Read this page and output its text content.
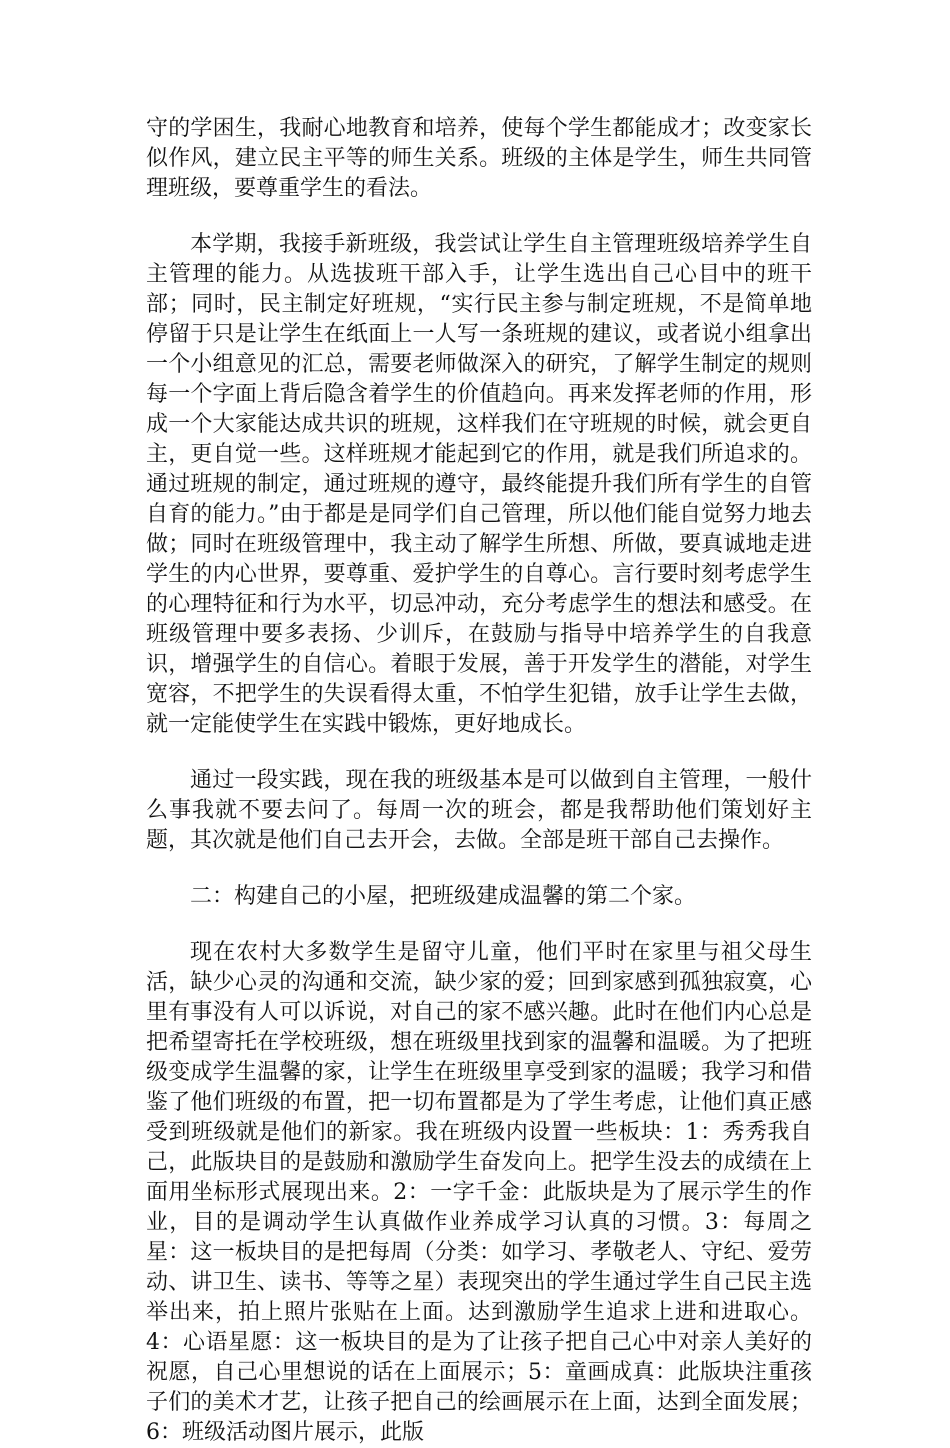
守的学困生，我耐心地教育和培养，使每个学生都能成才；改变家长似作风，建立民主平等的师生关系。班级的主体是学生，师生共同管理班级，要尊重学生的看法。

本学期，我接手新班级，我尝试让学生自主管理班级培养学生自主管理的能力。从选拔班干部入手，让学生选出自己心目中的班干部；同时，民主制定好班规，“实行民主参与制定班规，不是简单地停留于只是让学生在纸面上一人写一条班规的建议，或者说小组拿出一个小组意见的汇总，需要老师做深入的研究，了解学生制定的规则每一个字面上背后隐含着学生的价值趋向。再来发挥老师的作用，形成一个大家能达成共识的班规，这样我们在守班规的时候，就会更自主，更自觉一些。这样班规才能起到它的作用，就是我们所追求的。通过班规的制定，通过班规的遵守，最终能提升我们所有学生的自管自育的能力。”由于都是是同学们自己管理，所以他们能自觉努力地去做；同时在班级管理中，我主动了解学生所想、所做，要真诚地走进学生的内心世界，要尊重、爱护学生的自尊心。言行要时刻考虑学生的心理特征和行为水平，切忌冲动，充分考虑学生的想法和感受。在班级管理中要多表扬、少训斥，在鼓励与指导中培养学生的自我意识，增强学生的自信心。着眼于发展，善于开发学生的潜能，对学生宽容，不把学生的失误看得太重，不怕学生犯错，放手让学生去做，就一定能使学生在实践中锻炼，更好地成长。

通过一段实践，现在我的班级基本是可以做到自主管理，一般什么事我就不要去问了。每周一次的班会，都是我帮助他们策划好主题，其次就是他们自己去开会，去做。全部是班干部自己去操作。

二：构建自己的小屋，把班级建成温馨的第二个家。

现在农村大多数学生是留守儿童，他们平时在家里与祖父母生活，缺少心灵的沟通和交流，缺少家的爱；回到家感到孤独寂寞，心里有事没有人可以诉说，对自己的家不感兴趣。此时在他们内心总是把希望寄托在学校班级，想在班级里找到家的温馨和温暖。为了把班级变成学生温馨的家，让学生在班级里享受到家的温暖；我学习和借鉴了他们班级的布置，把一切布置都是为了学生考虑，让他们真正感受到班级就是他们的新家。我在班级内设置一些板块：1：秀秀我自己，此版块目的是鼓励和激励学生奋发向上。把学生没去的成绩在上面用坐标形式展现出来。2：一字千金：此版块是为了展示学生的作业，目的是调动学生认真做作业养成学习认真的习惯。3：每周之星：这一板块目的是把每周（分类：如学习、孝敬老人、守纪、爱劳动、讲卫生、读书、等等之星）表现突出的学生通过学生自己民主选举出来，拍上照片张贴在上面。达到激励学生追求上进和进取心。4：心语星愿：这一板块目的是为了让孩子把自己心中对亲人美好的祝愿，自己心里想说的话在上面展示；5：童画成真：此版块注重孩子们的美术才艺，让孩子把自己的绘画展示在上面，达到全面发展；6：班级活动图片展示，此版
